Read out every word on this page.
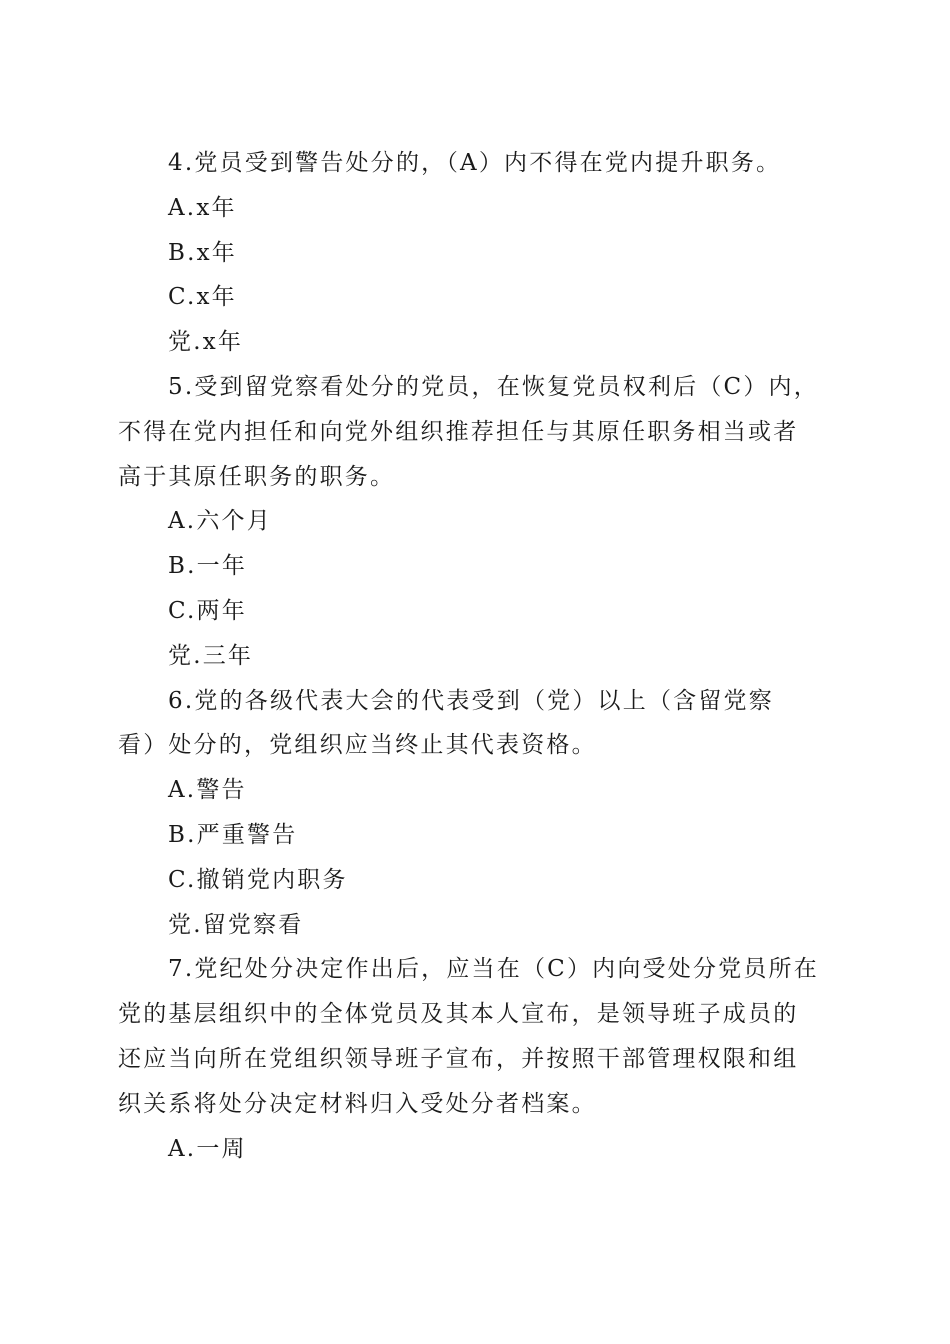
4.党员受到警告处分的，（A）内不得在党内提升职务。
A.x年
B.x年
C.x年
党.x年
5.受到留党察看处分的党员，在恢复党员权利后（C）内，
不得在党内担任和向党外组织推荐担任与其原任职务相当或者
高于其原任职务的职务。
A.六个月
B.一年
C.两年
党.三年
6.党的各级代表大会的代表受到（党）以上（含留党察
看）处分的，党组织应当终止其代表资格。
A.警告
B.严重警告
C.撤销党内职务
党.留党察看
7.党纪处分决定作出后，应当在（C）内向受处分党员所在
党的基层组织中的全体党员及其本人宣布，是领导班子成员的
还应当向所在党组织领导班子宣布，并按照干部管理权限和组
织关系将处分决定材料归入受处分者档案。
A.一周
